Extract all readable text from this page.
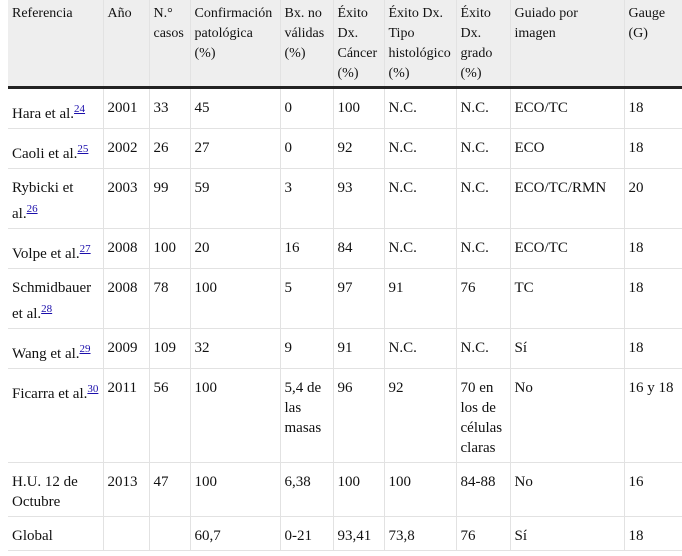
Referencia	Año	N.° casos	Confirmación patológica (%)	Bx. no válidas (%)	Éxito Dx. Cáncer (%)	Éxito Dx. Tipo histológico (%)	Éxito Dx. grado (%)	Guiado por imagen	Gauge (G)
Hara et al.$^{24}$	2001	33	45	0	100	N.C.	N.C.	ECO/TC	18
Caoli et al.$^{25}$	2002	26	27	0	92	N.C.	N.C.	ECO	18
Rybicki et al.$^{26}$	2003	99	59	3	93	N.C.	N.C.	ECO/TC/RMN	20
Volpe et al.$^{27}$	2008	100	20	16	84	N.C.	N.C.	ECO/TC	18
Schmidbauer et al.$^{28}$	2008	78	100	5	97	91	76	TC	18
Wang et al.$^{29}$	2009	109	32	9	91	N.C.	N.C.	Sí	18
Ficarra et al.$^{30}$	2011	56	100	5,4 de las masas	96	92	70 en los de células claras	No	16 y 18
H.U. 12 de Octubre	2013	47	100	6,38	100	100	84-88	No	16
Global			60,7	0-21	93,41	73,8	76	Sí	18
